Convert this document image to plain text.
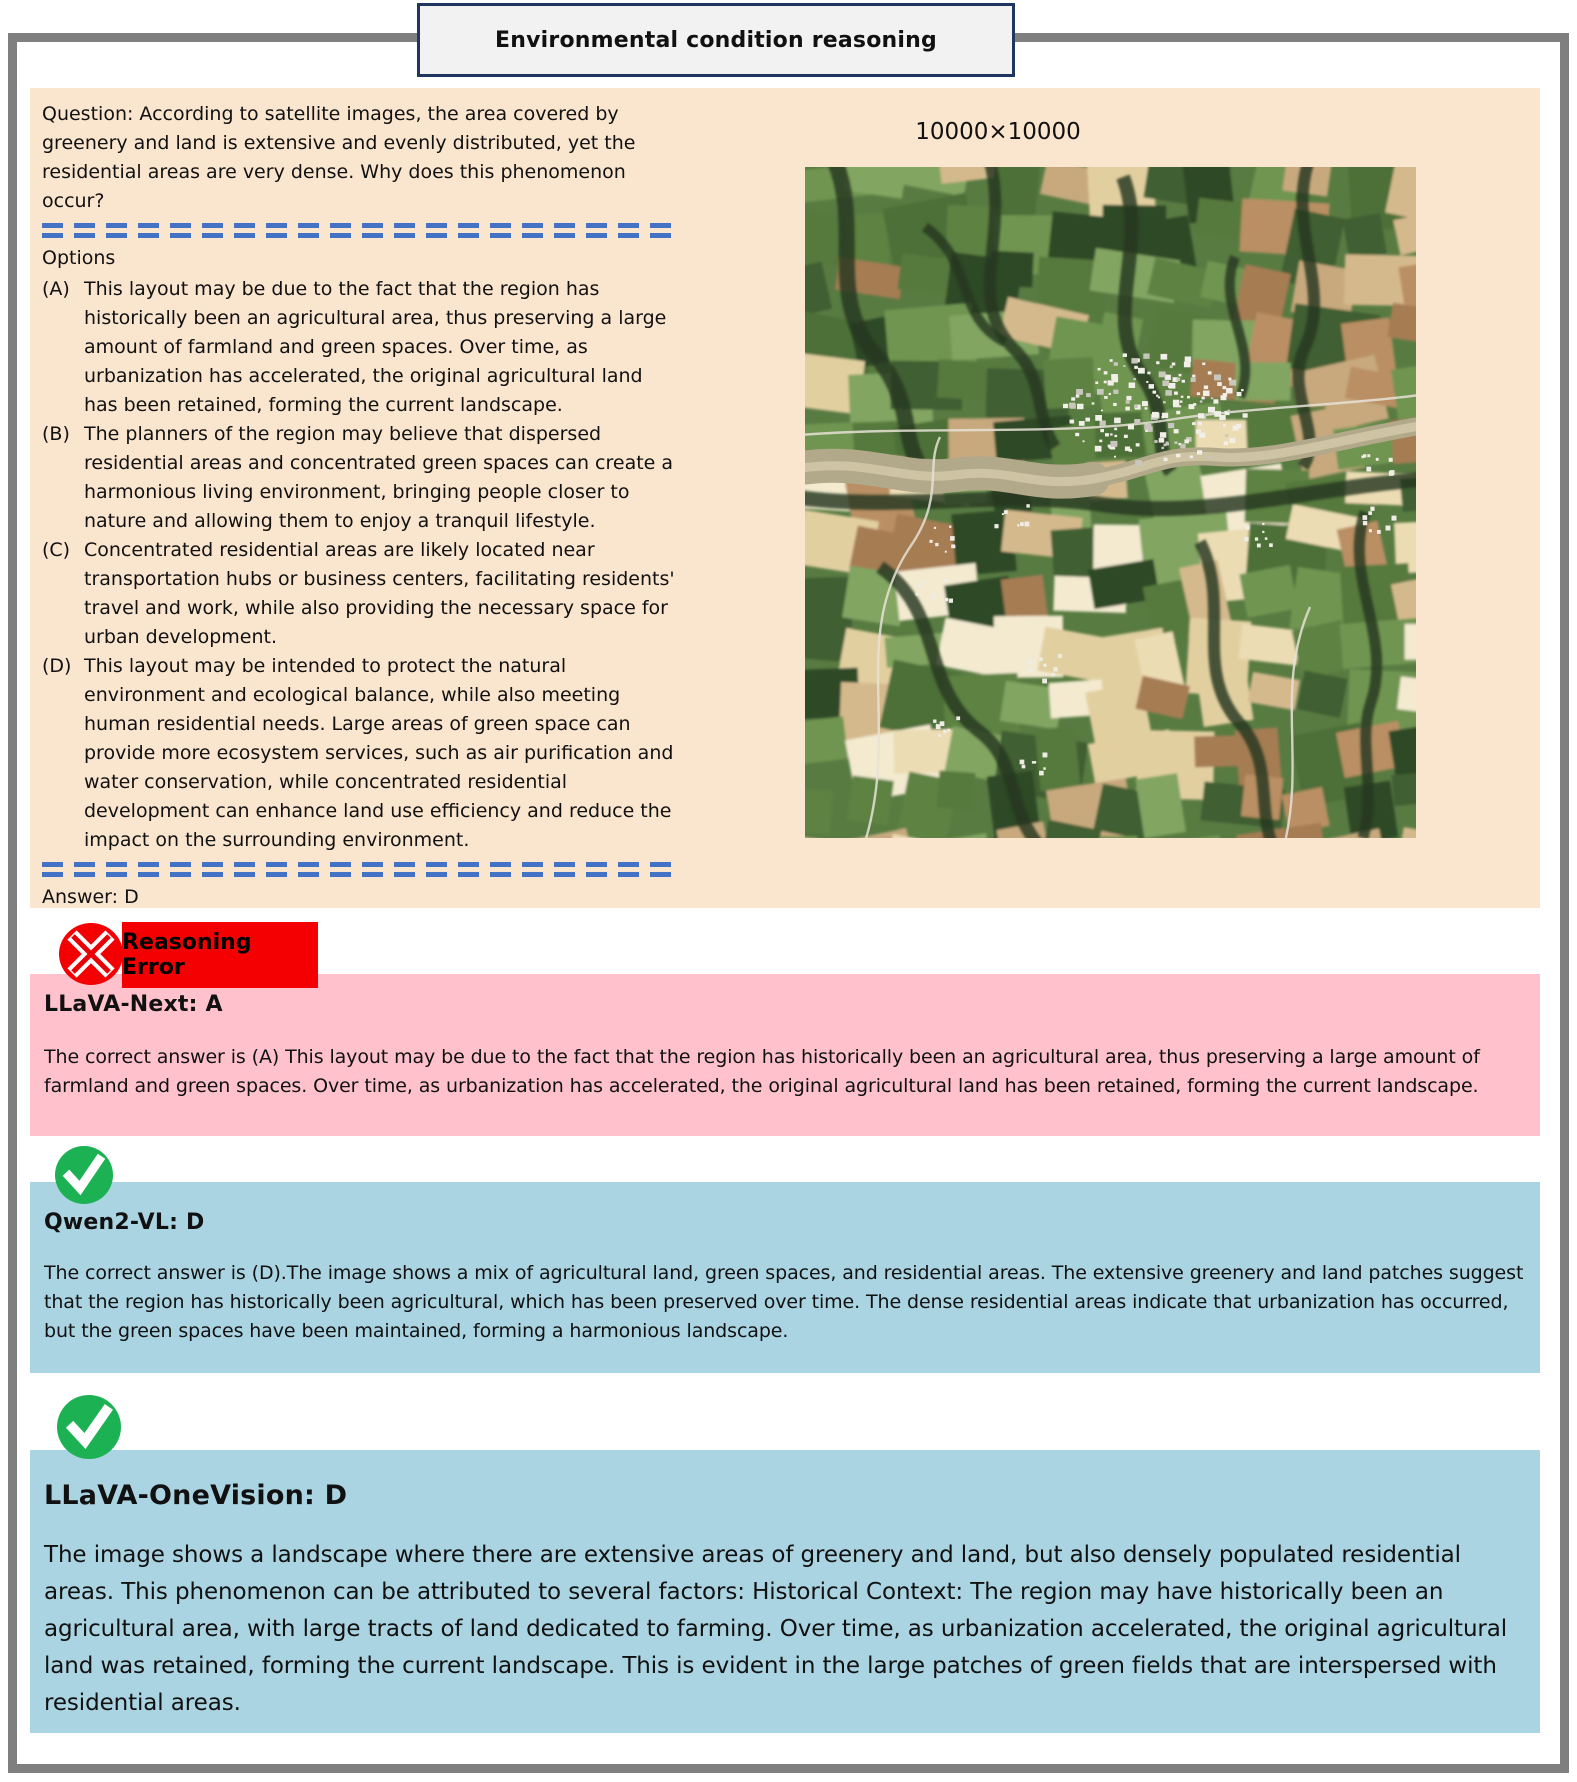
Environmental condition reasoning

Question: According to satellite images, the area covered by greenery and land is extensive and evenly distributed, yet the residential areas are very dense. Why does this phenomenon occur?

Options

(A) This layout may be due to the fact that the region has historically been an agricultural area, thus preserving a large amount of farmland and green spaces. Over time, as urbanization has accelerated, the original agricultural land has been retained, forming the current landscape.
(B) The planners of the region may believe that dispersed residential areas and concentrated green spaces can create a harmonious living environment, bringing people closer to nature and allowing them to enjoy a tranquil lifestyle.
(C) Concentrated residential areas are likely located near transportation hubs or business centers, facilitating residents' travel and work, while also providing the necessary space for urban development.
(D) This layout may be intended to protect the natural environment and ecological balance, while also meeting human residential needs. Large areas of green space can provide more ecosystem services, such as air purification and water conservation, while concentrated residential development can enhance land use efficiency and reduce the impact on the surrounding environment.

Answer: D

10000×10000
Reasoning Error
LLaVA-Next: A

The correct answer is (A) This layout may be due to the fact that the region has historically been an agricultural area, thus preserving a large amount of farmland and green spaces. Over time, as urbanization has accelerated, the original agricultural land has been retained, forming the current landscape.

Qwen2-VL: D

The correct answer is (D).The image shows a mix of agricultural land, green spaces, and residential areas. The extensive greenery and land patches suggest that the region has historically been agricultural, which has been preserved over time. The dense residential areas indicate that urbanization has occurred, but the green spaces have been maintained, forming a harmonious landscape.

LLaVA-OneVision: D

The image shows a landscape where there are extensive areas of greenery and land, but also densely populated residential areas. This phenomenon can be attributed to several factors: Historical Context: The region may have historically been an agricultural area, with large tracts of land dedicated to farming. Over time, as urbanization accelerated, the original agricultural land was retained, forming the current landscape. This is evident in the large patches of green fields that are interspersed with residential areas.
